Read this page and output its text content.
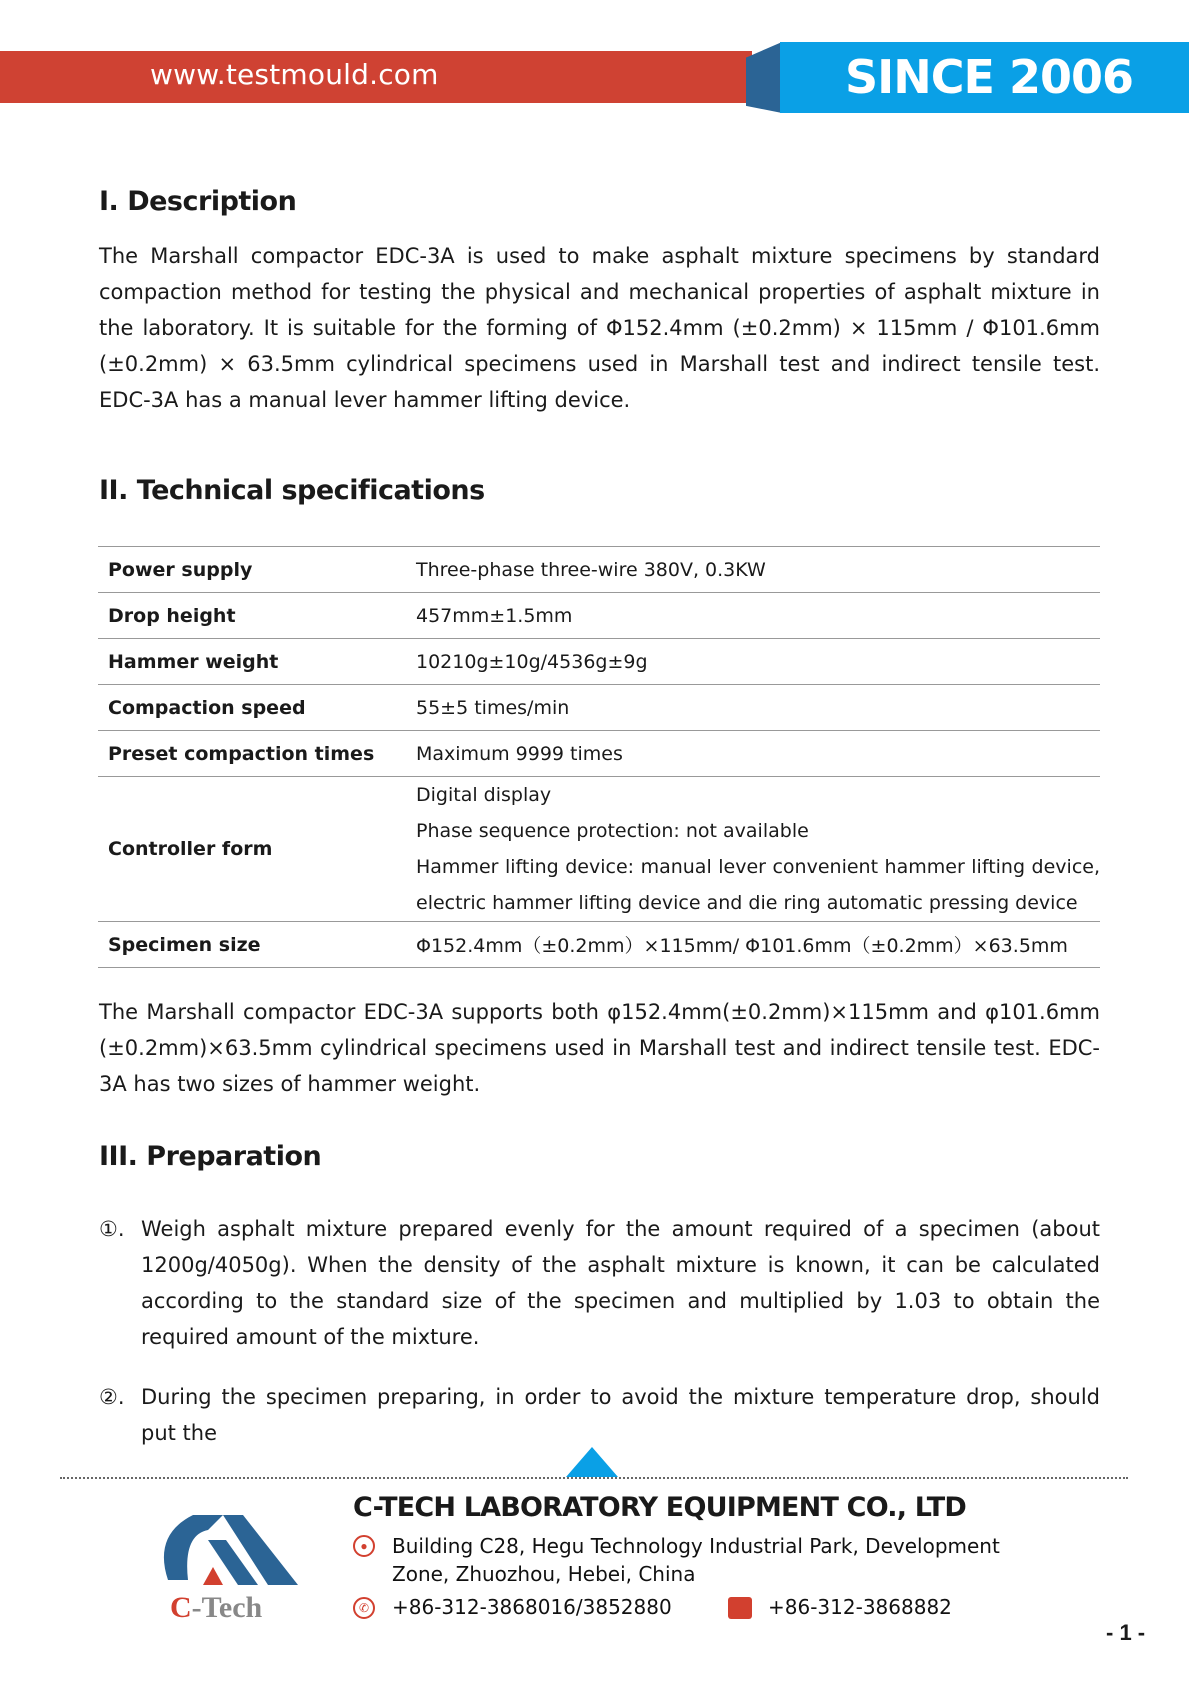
www.testmould.com	SINCE 2006
I. Description

The Marshall compactor EDC-3A is used to make asphalt mixture specimens by standard compaction method for testing the physical and mechanical properties of asphalt mixture in the laboratory. It is suitable for the forming of Φ152.4mm (±0.2mm) × 115mm / Φ101.6mm (±0.2mm) × 63.5mm cylindrical specimens used in Marshall test and indirect tensile test. EDC-3A has a manual lever hammer lifting device.

II. Technical specifications
Power supply	Three-phase three-wire 380V, 0.3KW
Drop height	457mm±1.5mm
Hammer weight	10210g±10g/4536g±9g
Compaction speed	55±5 times/min
Preset compaction times	Maximum 9999 times
Controller form	Digital display
Phase sequence protection: not available
Hammer lifting device: manual lever convenient hammer lifting device, electric hammer lifting device and die ring automatic pressing device

Specimen size	Φ152.4mm（±0.2mm）×115mm/ Φ101.6mm（±0.2mm）×63.5mm

The Marshall compactor EDC-3A supports both φ152.4mm(±0.2mm)×115mm and φ101.6mm (±0.2mm)×63.5mm cylindrical specimens used in Marshall test and indirect tensile test. EDC-3A has two sizes of hammer weight.

III. Preparation
①. Weigh asphalt mixture prepared evenly for the amount required of a specimen (about 1200g/4050g). When the density of the asphalt mixture is known, it can be calculated according to the standard size of the specimen and multiplied by 1.03 to obtain the required amount of the mixture.
②. During the specimen preparing, in order to avoid the mixture temperature drop, should put the
C-Tech
C-TECH LABORATORY EQUIPMENT CO., LTD
●	Building C28, Hegu Technology Industrial Park, Development Zone, Zhuozhou, Hebei, China
✆ +86-312-3868016/3852880	+86-312-3868882
- 1 -
